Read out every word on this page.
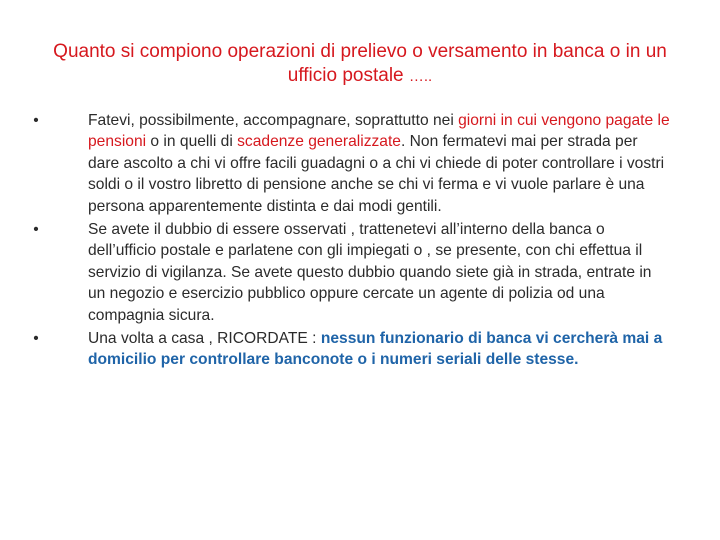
Quanto si compiono operazioni di prelievo o versamento in banca o in un ufficio postale …..
•	Fatevi, possibilmente, accompagnare, soprattutto nei giorni in cui vengono pagate le pensioni o in quelli di scadenze generalizzate. Non fermatevi mai per strada per dare ascolto a chi vi offre facili guadagni o a chi vi chiede di poter controllare i vostri soldi o il vostro libretto di pensione anche se chi vi ferma e vi vuole parlare è una persona apparentemente distinta e dai modi gentili.
•	Se avete il dubbio di essere osservati , trattenetevi all’interno della banca o dell’ufficio postale e parlatene con gli impiegati o , se presente, con chi effettua il servizio di vigilanza. Se avete questo dubbio quando siete già in strada, entrate in un negozio e esercizio pubblico oppure cercate un agente di polizia od una compagnia sicura.
•	Una volta a casa , RICORDATE : nessun funzionario di banca vi cercherà mai a domicilio per controllare banconote o i numeri seriali delle stesse.
